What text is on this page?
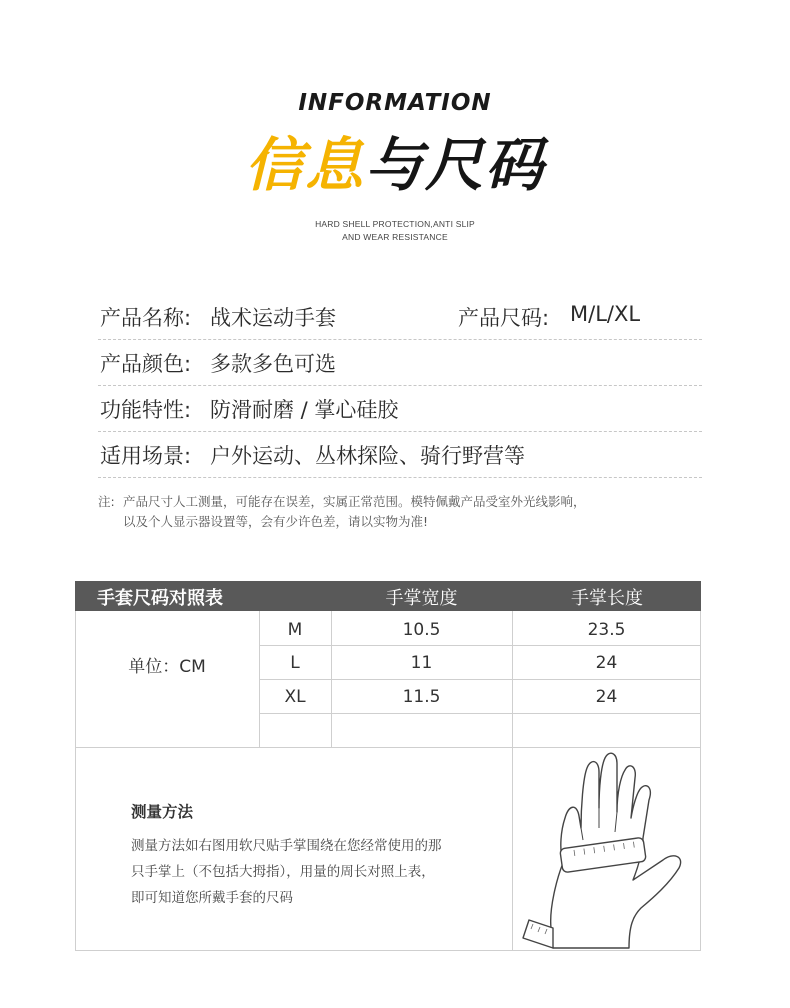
INFORMATION
信息与尺码
HARD SHELL PROTECTION,ANTI SLIP
AND WEAR RESISTANCE
产品名称: 战术运动手套	产品尺码: M/L/XL
产品颜色: 多款多色可选
功能特性: 防滑耐磨 / 掌心硅胶
适用场景: 户外运动、丛林探险、骑行野营等
注: 产品尺寸人工测量，可能存在误差，实属正常范围。模特佩戴产品受室外光线影响，
以及个人显示器设置等，会有少许色差，请以实物为准!
手套尺码对照表	手掌宽度	手掌长度
单位：CM
M	10.5	23.5
L	11	24
XL	11.5	24
测量方法
测量方法如右图用软尺贴手掌围绕在您经常使用的那
只手掌上（不包括大拇指），用量的周长对照上表，
即可知道您所戴手套的尺码
